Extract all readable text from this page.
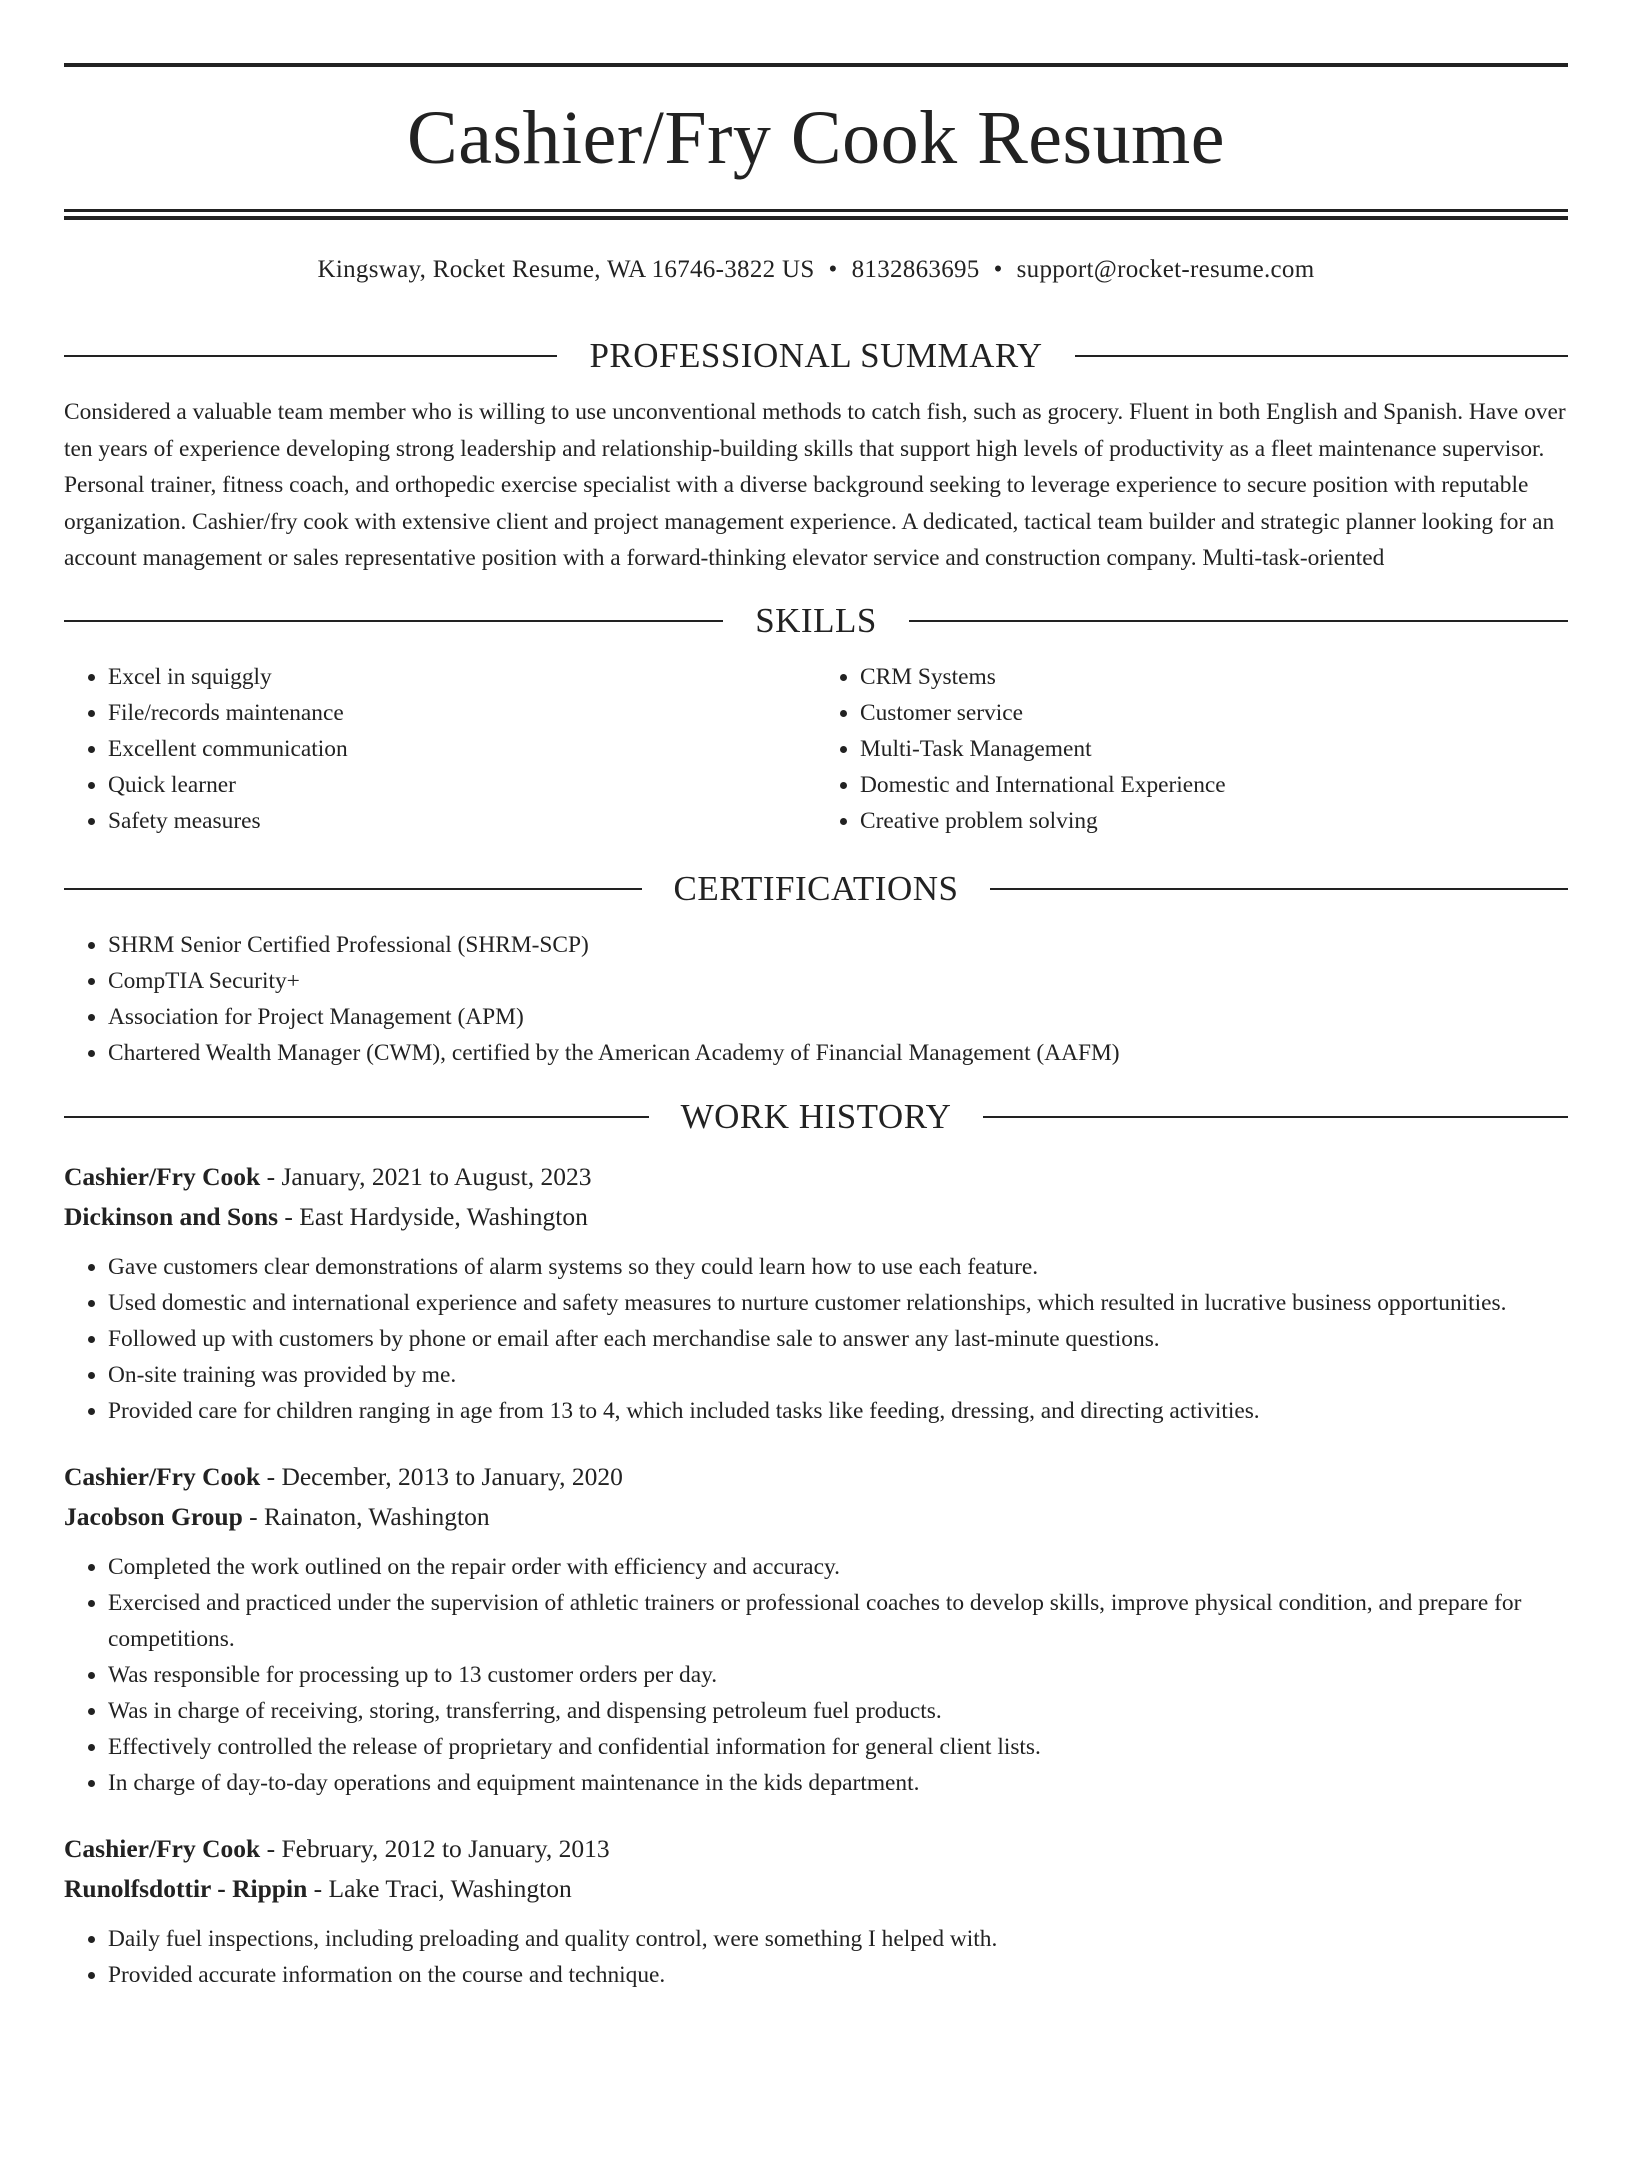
Cashier/Fry Cook Resume
Kingsway, Rocket Resume, WA 16746-3822 US • 8132863695 • support@rocket-resume.com
PROFESSIONAL SUMMARY

Considered a valuable team member who is willing to use unconventional methods to catch fish, such as grocery. Fluent in both English and Spanish. Have over ten years of experience developing strong leadership and relationship-building skills that support high levels of productivity as a fleet maintenance supervisor. Personal trainer, fitness coach, and orthopedic exercise specialist with a diverse background seeking to leverage experience to secure position with reputable organization. Cashier/fry cook with extensive client and project management experience. A dedicated, tactical team builder and strategic planner looking for an account management or sales representative position with a forward-thinking elevator service and construction company. Multi-task-oriented

SKILLS
• Excel in squiggly
• File/records maintenance
• Excellent communication
• Quick learner
• Safety measures
• CRM Systems
• Customer service
• Multi-Task Management
• Domestic and International Experience
• Creative problem solving
CERTIFICATIONS
• SHRM Senior Certified Professional (SHRM-SCP)
• CompTIA Security+
• Association for Project Management (APM)
• Chartered Wealth Manager (CWM), certified by the American Academy of Financial Management (AAFM)
WORK HISTORY
Cashier/Fry Cook - January, 2021 to August, 2023
Dickinson and Sons - East Hardyside, Washington
• Gave customers clear demonstrations of alarm systems so they could learn how to use each feature.
• Used domestic and international experience and safety measures to nurture customer relationships, which resulted in lucrative business opportunities.
• Followed up with customers by phone or email after each merchandise sale to answer any last-minute questions.
• On-site training was provided by me.
• Provided care for children ranging in age from 13 to 4, which included tasks like feeding, dressing, and directing activities.
Cashier/Fry Cook - December, 2013 to January, 2020
Jacobson Group - Rainaton, Washington
• Completed the work outlined on the repair order with efficiency and accuracy.
• Exercised and practiced under the supervision of athletic trainers or professional coaches to develop skills, improve physical condition, and prepare for competitions.
• Was responsible for processing up to 13 customer orders per day.
• Was in charge of receiving, storing, transferring, and dispensing petroleum fuel products.
• Effectively controlled the release of proprietary and confidential information for general client lists.
• In charge of day-to-day operations and equipment maintenance in the kids department.
Cashier/Fry Cook - February, 2012 to January, 2013
Runolfsdottir - Rippin - Lake Traci, Washington
• Daily fuel inspections, including preloading and quality control, were something I helped with.
• Provided accurate information on the course and technique.
